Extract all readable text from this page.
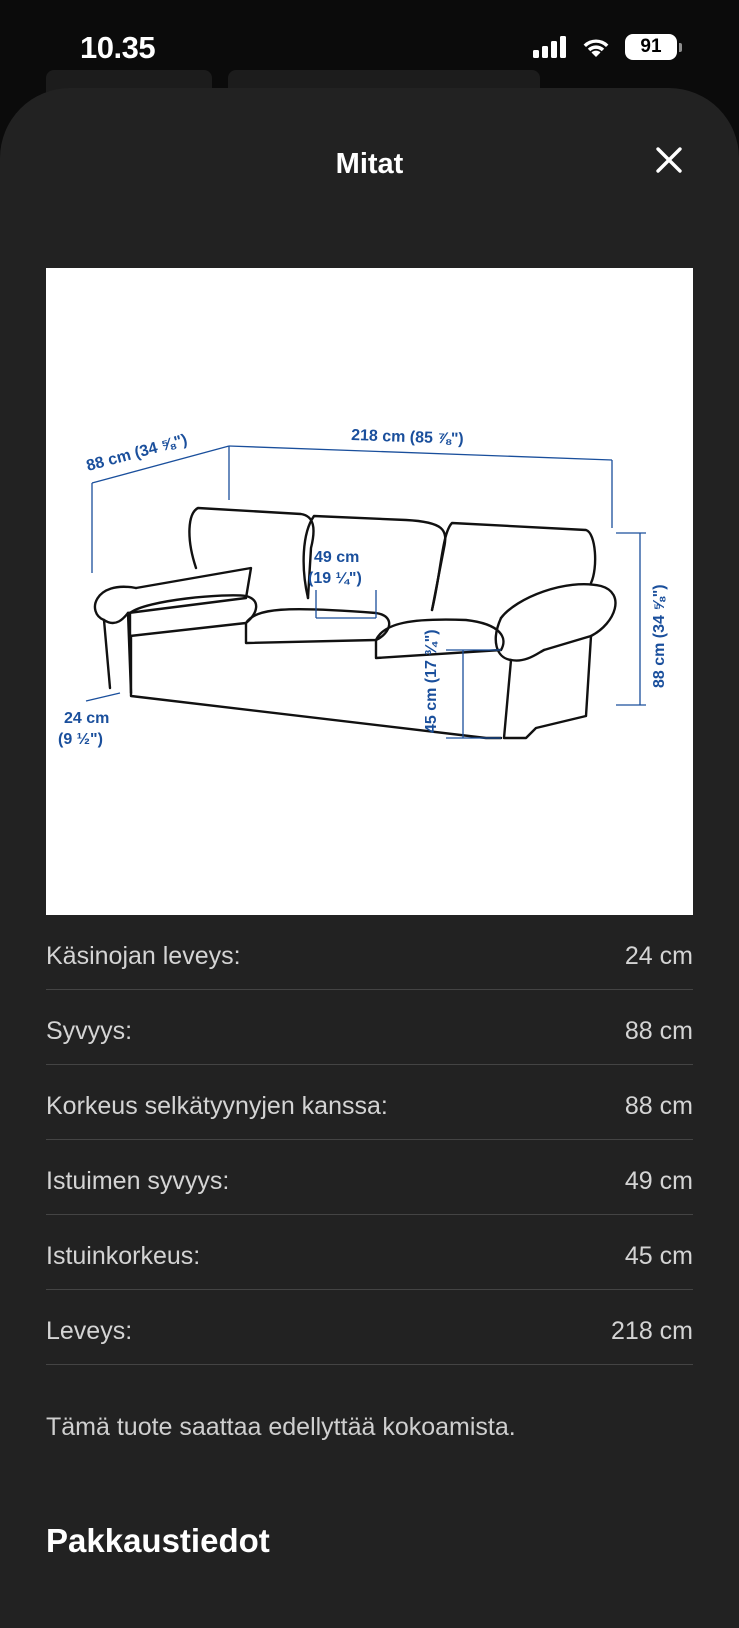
10.35	91
Mitat
88 cm (34 ⅝")	218 cm (85 ⅞")
49 cm
(19 ¼")
88 cm (34 ⅝")
45 cm (17 ¾")
24 cm
(9 ½")
Käsinojan leveys:	24 cm
Syvyys:	88 cm
Korkeus selkätyynyjen kanssa:	88 cm
Istuimen syvyys:	49 cm
Istuinkorkeus:	45 cm
Leveys:	218 cm
Tämä tuote saattaa edellyttää kokoamista.
Pakkaustiedot
